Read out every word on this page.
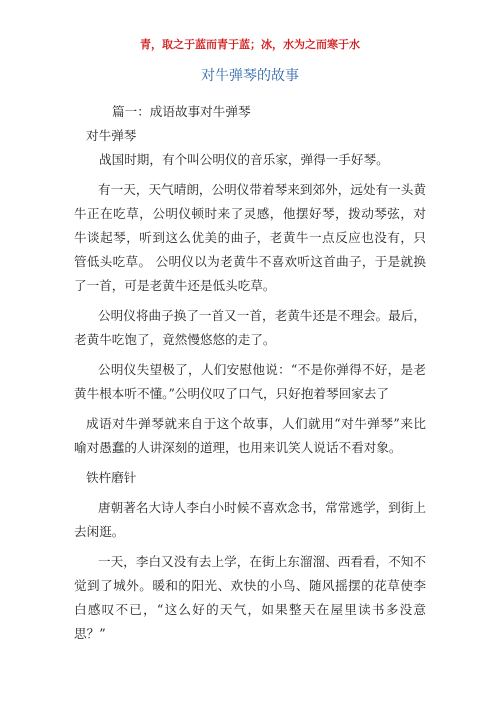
青，取之于蓝而青于蓝；冰，水为之而寒于水

对牛弹琴的故事

篇一：成语故事对牛弹琴

对牛弹琴

战国时期，有个叫公明仪的音乐家，弹得一手好琴。

有一天，天气晴朗，公明仪带着琴来到郊外，远处有一头黄牛正在吃草，公明仪顿时来了灵感，他摆好琴，拨动琴弦，对牛谈起琴，听到这么优美的曲子，老黄牛一点反应也没有，只管低头吃草。 公明仪以为老黄牛不喜欢听这首曲子，于是就换了一首，可是老黄牛还是低头吃草。

公明仪将曲子换了一首又一首，老黄牛还是不理会。最后，老黄牛吃饱了，竟然慢悠悠的走了。

公明仪失望极了，人们安慰他说：“不是你弹得不好，是老黄牛根本听不懂。”公明仪叹了口气，只好抱着琴回家去了

成语对牛弹琴就来自于这个故事，人们就用“对牛弹琴”来比喻对愚蠢的人讲深刻的道理，也用来讥笑人说话不看对象。

铁杵磨针

唐朝著名大诗人李白小时候不喜欢念书，常常逃学，到街上去闲逛。

一天，李白又没有去上学，在街上东溜溜、西看看，不知不觉到了城外。暖和的阳光、欢快的小鸟、随风摇摆的花草使李白感叹不已，“这么好的天气，如果整天在屋里读书多没意思？”
